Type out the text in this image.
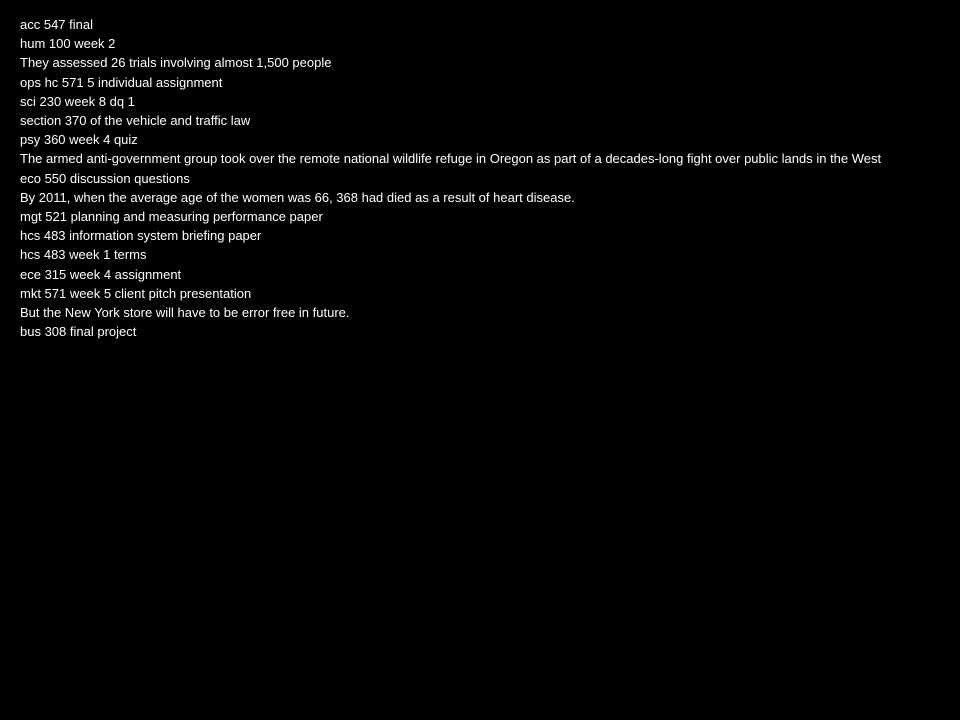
acc 547 final
hum 100 week 2
They assessed 26 trials involving almost 1,500 people
ops hc 571 5 individual assignment
sci 230 week 8 dq 1
section 370 of the vehicle and traffic law
psy 360 week 4 quiz
The armed anti-government group took over the remote national wildlife refuge in Oregon as part of a decades-long fight over public lands in the West
eco 550 discussion questions
By 2011, when the average age of the women was 66, 368 had died as a result of heart disease.
mgt 521 planning and measuring performance paper
hcs 483 information system briefing paper
hcs 483 week 1 terms
ece 315 week 4 assignment
mkt 571 week 5 client pitch presentation
But the New York store will have to be error free in future.
bus 308 final project
